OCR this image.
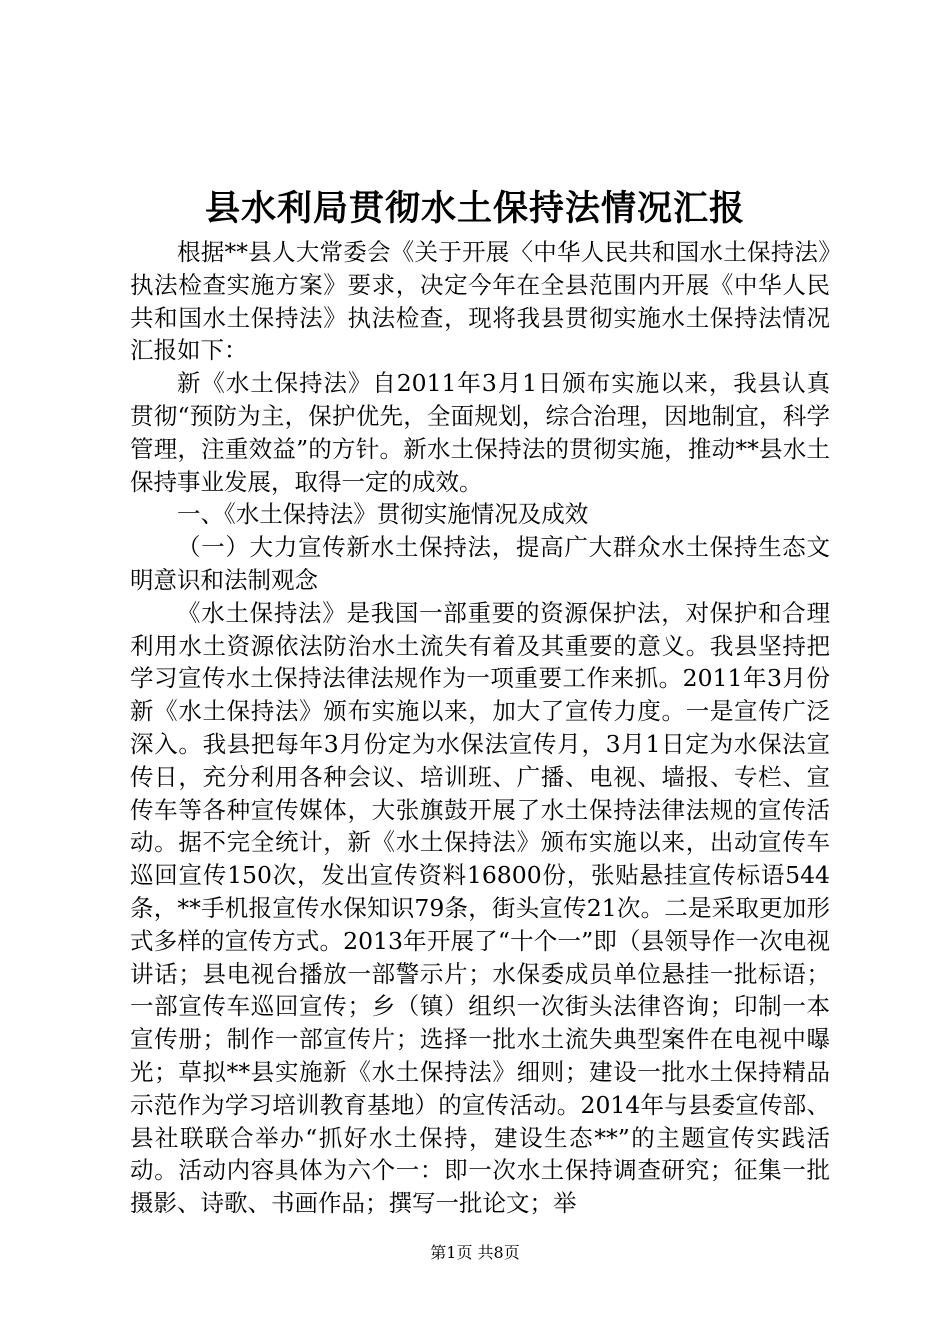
县水利局贯彻水土保持法情况汇报

根据**县人大常委会《关于开展〈中华人民共和国水土保持法》执法检查实施方案》要求，决定今年在全县范围内开展《中华人民共和国水土保持法》执法检查，现将我县贯彻实施水土保持法情况汇报如下：

新《水土保持法》自2011年3月1日颁布实施以来，我县认真贯彻“预防为主，保护优先，全面规划，综合治理，因地制宜，科学管理，注重效益”的方针。新水土保持法的贯彻实施，推动**县水土保持事业发展，取得一定的成效。

一、《水土保持法》贯彻实施情况及成效

（一）大力宣传新水土保持法，提高广大群众水土保持生态文明意识和法制观念

《水土保持法》是我国一部重要的资源保护法，对保护和合理利用水土资源依法防治水土流失有着及其重要的意义。我县坚持把学习宣传水土保持法律法规作为一项重要工作来抓。2011年3月份新《水土保持法》颁布实施以来，加大了宣传力度。一是宣传广泛深入。我县把每年3月份定为水保法宣传月，3月1日定为水保法宣传日，充分利用各种会议、培训班、广播、电视、墙报、专栏、宣传车等各种宣传媒体，大张旗鼓开展了水土保持法律法规的宣传活动。据不完全统计，新《水土保持法》颁布实施以来，出动宣传车巡回宣传150次，发出宣传资料16800份，张贴悬挂宣传标语544条，**手机报宣传水保知识79条，街头宣传21次。二是采取更加形式多样的宣传方式。2013年开展了“十个一”即（县领导作一次电视讲话；县电视台播放一部警示片；水保委成员单位悬挂一批标语；一部宣传车巡回宣传；乡（镇）组织一次街头法律咨询；印制一本宣传册；制作一部宣传片；选择一批水土流失典型案件在电视中曝光；草拟**县实施新《水土保持法》细则；建设一批水土保持精品示范作为学习培训教育基地）的宣传活动。2014年与县委宣传部、县社联联合举办“抓好水土保持，建设生态**”的主题宣传实践活动。活动内容具体为六个一：即一次水土保持调查研究；征集一批摄影、诗歌、书画作品；撰写一批论文；举

第1页 共8页
